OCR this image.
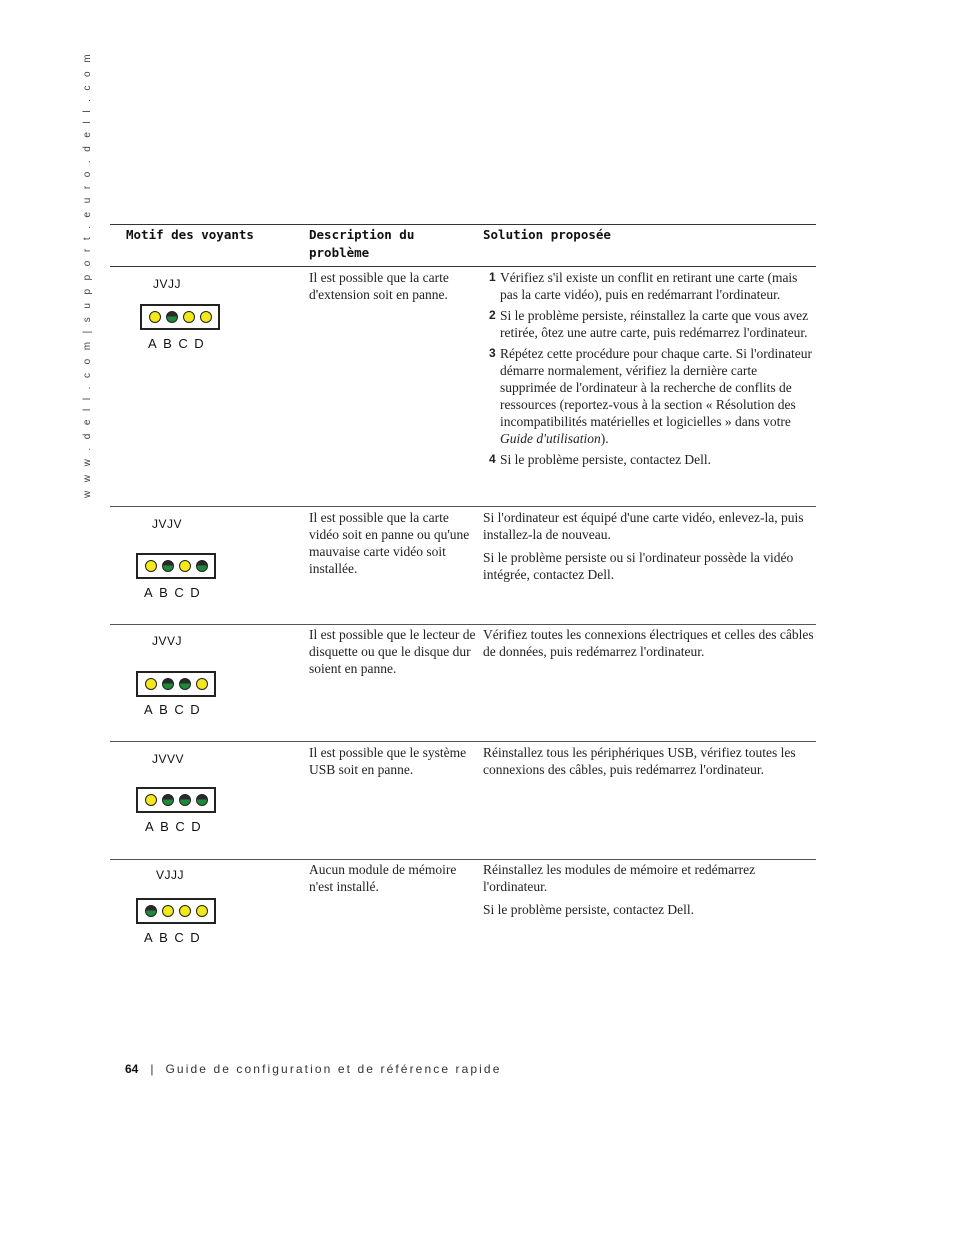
w w w . d e l l . c o m | s u p p o r t . e u r o . d e l l . c o m	Motif des voyants	Description du problème
Solution proposée
JVJJ
ABCD
Il est possible que la carte d'extension soit en panne.
1 Vérifiez s'il existe un conflit en retirant une carte (mais pas la carte vidéo), puis en redémarrant l'ordinateur.
2 Si le problème persiste, réinstallez la carte que vous avez retirée, ôtez une autre carte, puis redémarrez l'ordinateur.
3 Répétez cette procédure pour chaque carte. Si l'ordinateur démarre normalement, vérifiez la dernière carte supprimée de l'ordinateur à la recherche de conflits de ressources (reportez-vous à la section « Résolution des incompatibilités matérielles et logicielles » dans votre Guide d'utilisation).
4 Si le problème persiste, contactez Dell.
JVJV
ABCD
Il est possible que la carte vidéo soit en panne ou qu'une mauvaise carte vidéo soit installée.

Si l'ordinateur est équipé d'une carte vidéo, enlevez-la, puis installez-la de nouveau.

Si le problème persiste ou si l'ordinateur possède la vidéo intégrée, contactez Dell.

JVVJ
ABCD
Il est possible que le lecteur de disquette ou que le disque dur soient en panne.

Vérifiez toutes les connexions électriques et celles des câbles de données, puis redémarrez l'ordinateur.

JVVV
ABCD
Il est possible que le système USB soit en panne.

Réinstallez tous les périphériques USB, vérifiez toutes les connexions des câbles, puis redémarrez l'ordinateur.

VJJJ
ABCD
Aucun module de mémoire n'est installé.

Réinstallez les modules de mémoire et redémarrez l'ordinateur.

Si le problème persiste, contactez Dell.

64 | Guide de configuration et de référence rapide
